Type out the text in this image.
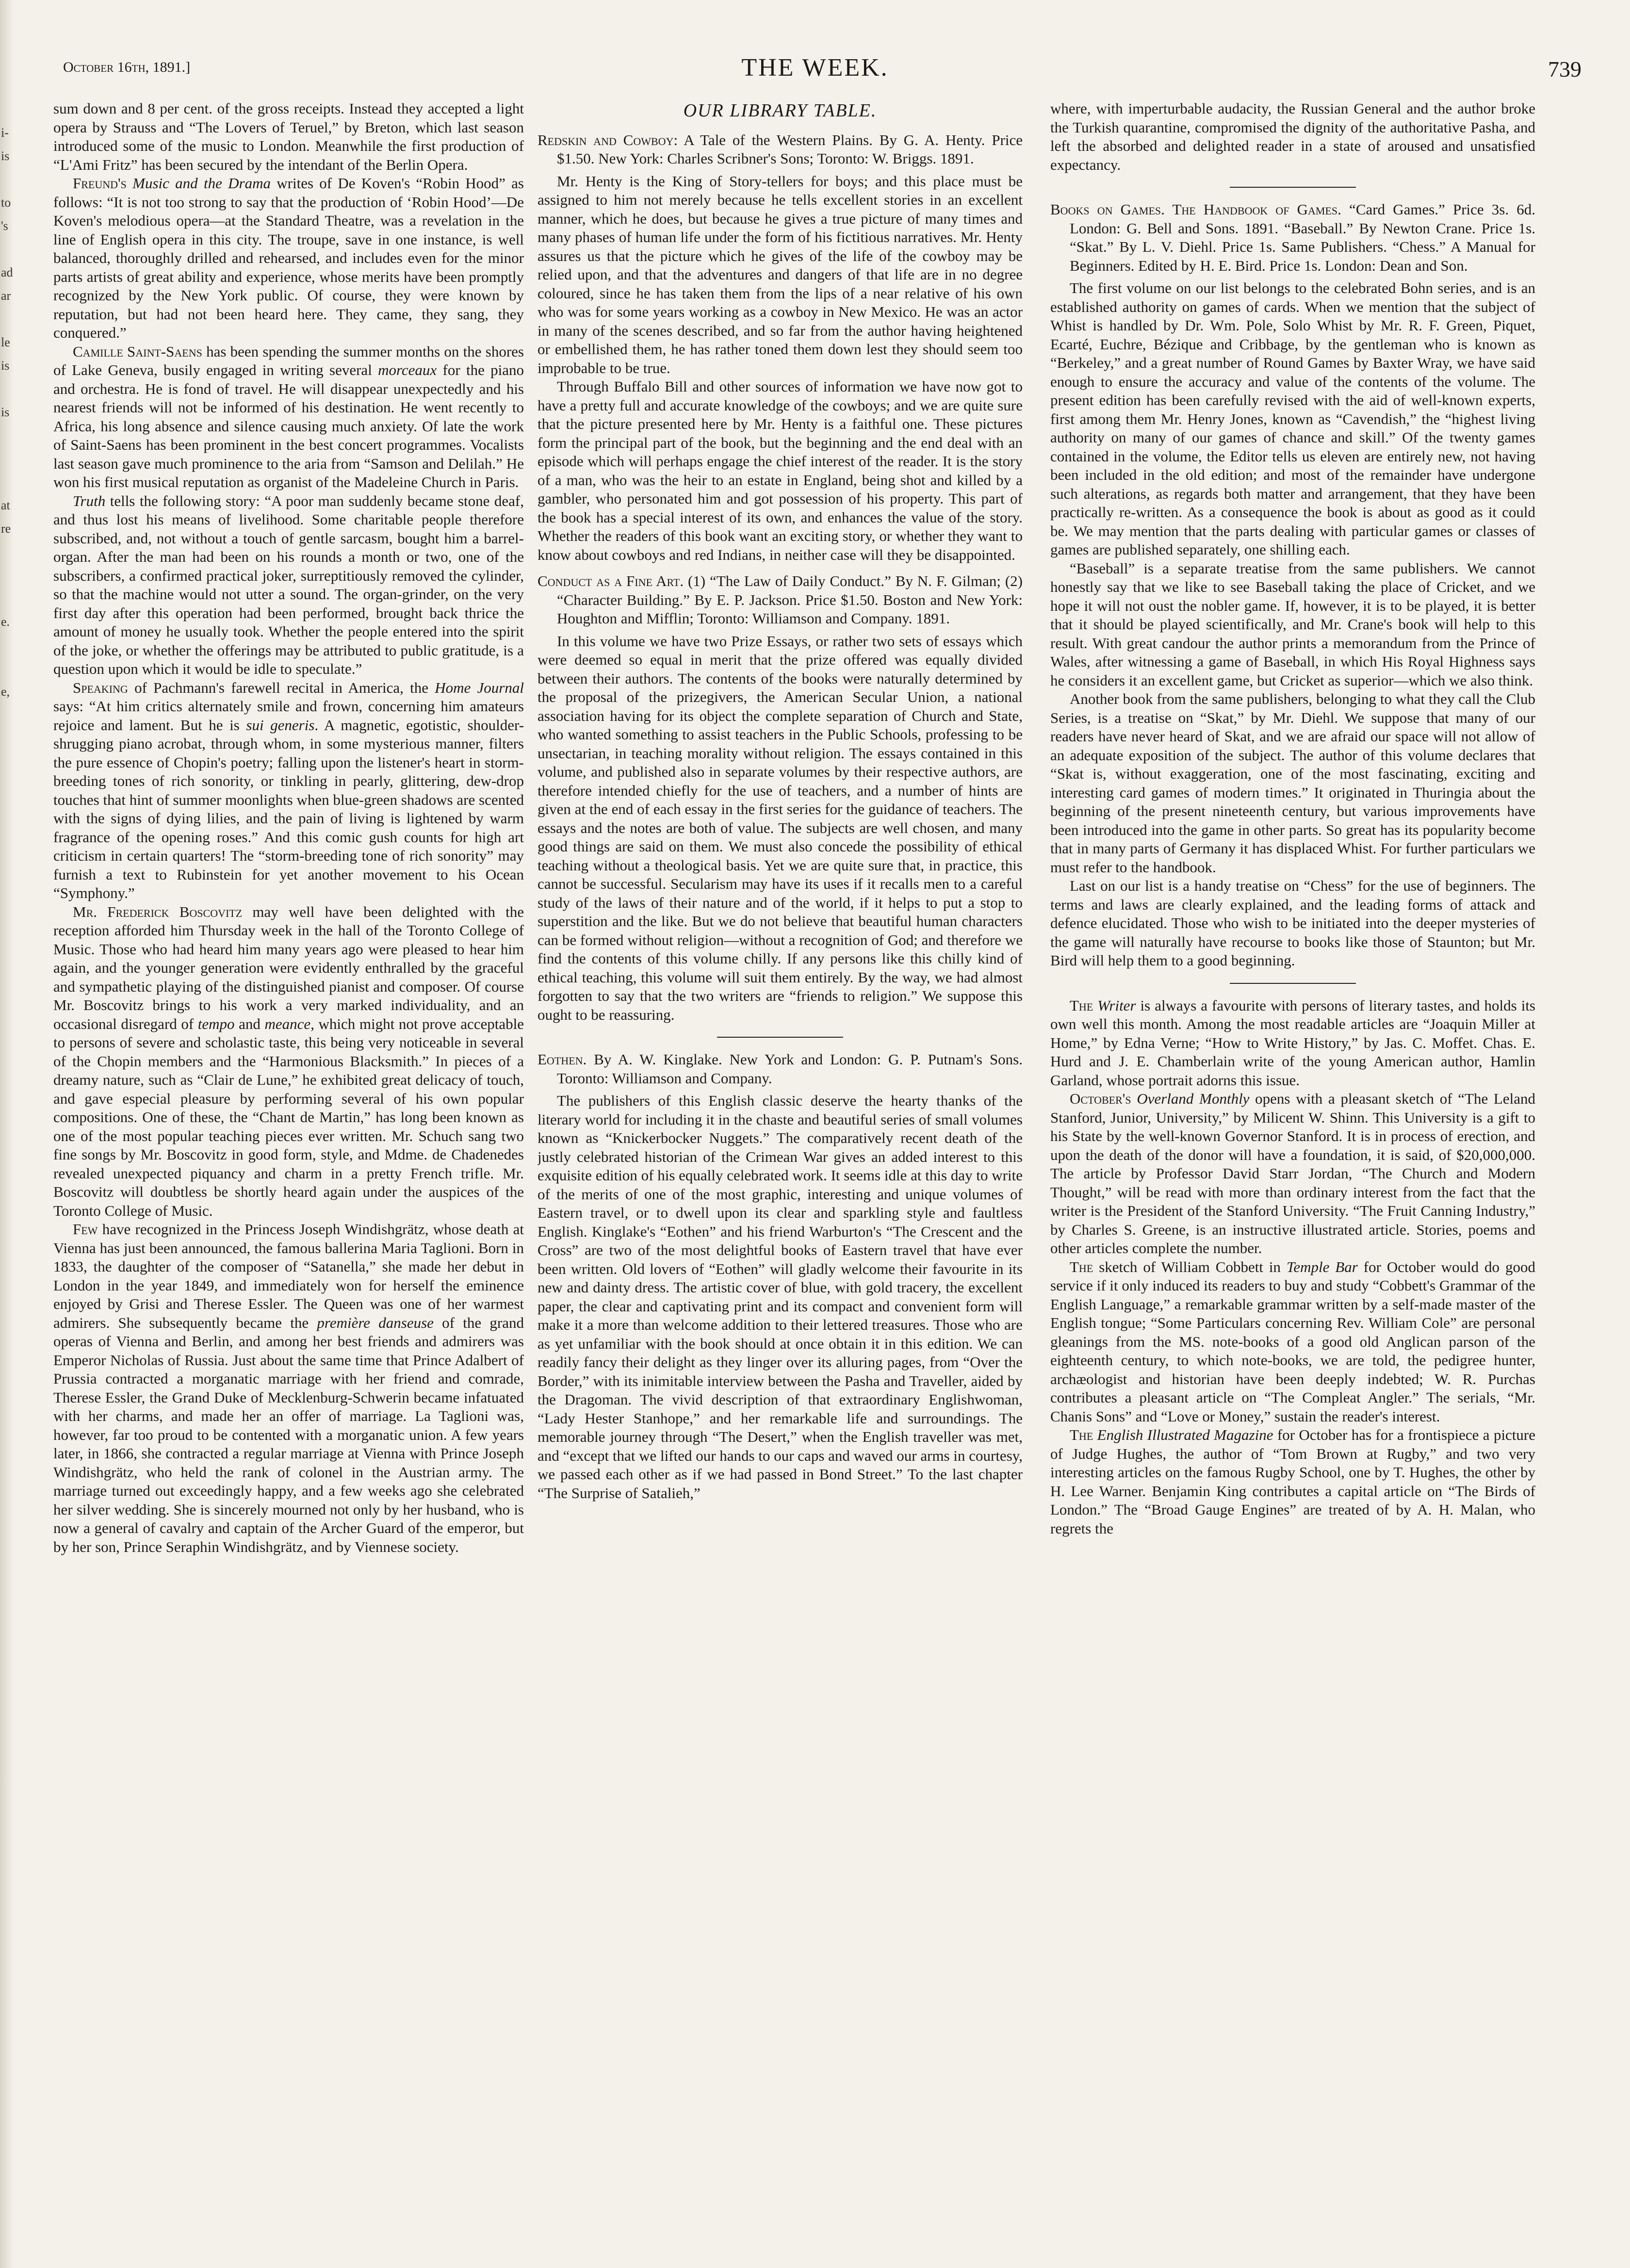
i-
is

to
's

ad
ar

le
is

is

at
re

e.

e,
October 16th, 1891.]	THE WEEK.	739

sum down and 8 per cent. of the gross receipts. Instead they accepted a light opera by Strauss and “The Lovers of Teruel,” by Breton, which last season introduced some of the music to London. Meanwhile the first production of “L'Ami Fritz” has been secured by the intendant of the Berlin Opera.

Freund's Music and the Drama writes of De Koven's “Robin Hood” as follows: “It is not too strong to say that the production of ‘Robin Hood’—De Koven's melodious opera—at the Standard Theatre, was a revelation in the line of English opera in this city. The troupe, save in one instance, is well balanced, thoroughly drilled and rehearsed, and includes even for the minor parts artists of great ability and experience, whose merits have been promptly recognized by the New York public. Of course, they were known by reputation, but had not been heard here. They came, they sang, they conquered.”

Camille Saint-Saens has been spending the summer months on the shores of Lake Geneva, busily engaged in writing several morceaux for the piano and orchestra. He is fond of travel. He will disappear unexpectedly and his nearest friends will not be informed of his destination. He went recently to Africa, his long absence and silence causing much anxiety. Of late the work of Saint-Saens has been prominent in the best concert programmes. Vocalists last season gave much prominence to the aria from “Samson and Delilah.” He won his first musical reputation as organist of the Madeleine Church in Paris.

Truth tells the following story: “A poor man suddenly became stone deaf, and thus lost his means of livelihood. Some charitable people therefore subscribed, and, not without a touch of gentle sarcasm, bought him a barrel-organ. After the man had been on his rounds a month or two, one of the subscribers, a confirmed practical joker, surreptitiously removed the cylinder, so that the machine would not utter a sound. The organ-grinder, on the very first day after this operation had been performed, brought back thrice the amount of money he usually took. Whether the people entered into the spirit of the joke, or whether the offerings may be attributed to public gratitude, is a question upon which it would be idle to speculate.”

Speaking of Pachmann's farewell recital in America, the Home Journal says: “At him critics alternately smile and frown, concerning him amateurs rejoice and lament. But he is sui generis. A magnetic, egotistic, shoulder-shrugging piano acrobat, through whom, in some mysterious manner, filters the pure essence of Chopin's poetry; falling upon the listener's heart in storm-breeding tones of rich sonority, or tinkling in pearly, glittering, dew-drop touches that hint of summer moonlights when blue-green shadows are scented with the signs of dying lilies, and the pain of living is lightened by warm fragrance of the opening roses.” And this comic gush counts for high art criticism in certain quarters! The “storm-breeding tone of rich sonority” may furnish a text to Rubinstein for yet another movement to his Ocean “Symphony.”

Mr. Frederick Boscovitz may well have been delighted with the reception afforded him Thursday week in the hall of the Toronto College of Music. Those who had heard him many years ago were pleased to hear him again, and the younger generation were evidently enthralled by the graceful and sympathetic playing of the distinguished pianist and composer. Of course Mr. Boscovitz brings to his work a very marked individuality, and an occasional disregard of tempo and meance, which might not prove acceptable to persons of severe and scholastic taste, this being very noticeable in several of the Chopin members and the “Harmonious Blacksmith.” In pieces of a dreamy nature, such as “Clair de Lune,” he exhibited great delicacy of touch, and gave especial pleasure by performing several of his own popular compositions. One of these, the “Chant de Martin,” has long been known as one of the most popular teaching pieces ever written. Mr. Schuch sang two fine songs by Mr. Boscovitz in good form, style, and Mdme. de Chadenedes revealed unexpected piquancy and charm in a pretty French trifle. Mr. Boscovitz will doubtless be shortly heard again under the auspices of the Toronto College of Music.

Few have recognized in the Princess Joseph Windishgrätz, whose death at Vienna has just been announced, the famous ballerina Maria Taglioni. Born in 1833, the daughter of the composer of “Satanella,” she made her debut in London in the year 1849, and immediately won for herself the eminence enjoyed by Grisi and Therese Essler. The Queen was one of her warmest admirers. She subsequently became the première danseuse of the grand operas of Vienna and Berlin, and among her best friends and admirers was Emperor Nicholas of Russia. Just about the same time that Prince Adalbert of Prussia contracted a morganatic marriage with her friend and comrade, Therese Essler, the Grand Duke of Mecklenburg-Schwerin became infatuated with her charms, and made her an offer of marriage. La Taglioni was, however, far too proud to be contented with a morganatic union. A few years later, in 1866, she contracted a regular marriage at Vienna with Prince Joseph Windishgrätz, who held the rank of colonel in the Austrian army. The marriage turned out exceedingly happy, and a few weeks ago she celebrated her silver wedding. She is sincerely mourned not only by her husband, who is now a general of cavalry and captain of the Archer Guard of the emperor, but by her son, Prince Seraphin Windishgrätz, and by Viennese society.

OUR LIBRARY TABLE.

Redskin and Cowboy: A Tale of the Western Plains. By G. A. Henty. Price $1.50. New York: Charles Scribner's Sons; Toronto: W. Briggs. 1891.

Mr. Henty is the King of Story-tellers for boys; and this place must be assigned to him not merely because he tells excellent stories in an excellent manner, which he does, but because he gives a true picture of many times and many phases of human life under the form of his fictitious narratives. Mr. Henty assures us that the picture which he gives of the life of the cowboy may be relied upon, and that the adventures and dangers of that life are in no degree coloured, since he has taken them from the lips of a near relative of his own who was for some years working as a cowboy in New Mexico. He was an actor in many of the scenes described, and so far from the author having heightened or embellished them, he has rather toned them down lest they should seem too improbable to be true.

Through Buffalo Bill and other sources of information we have now got to have a pretty full and accurate knowledge of the cowboys; and we are quite sure that the picture presented here by Mr. Henty is a faithful one. These pictures form the principal part of the book, but the beginning and the end deal with an episode which will perhaps engage the chief interest of the reader. It is the story of a man, who was the heir to an estate in England, being shot and killed by a gambler, who personated him and got possession of his property. This part of the book has a special interest of its own, and enhances the value of the story. Whether the readers of this book want an exciting story, or whether they want to know about cowboys and red Indians, in neither case will they be disappointed.

Conduct as a Fine Art. (1) “The Law of Daily Conduct.” By N. F. Gilman; (2) “Character Building.” By E. P. Jackson. Price $1.50. Boston and New York: Houghton and Mifflin; Toronto: Williamson and Company. 1891.

In this volume we have two Prize Essays, or rather two sets of essays which were deemed so equal in merit that the prize offered was equally divided between their authors. The contents of the books were naturally determined by the proposal of the prizegivers, the American Secular Union, a national association having for its object the complete separation of Church and State, who wanted something to assist teachers in the Public Schools, professing to be unsectarian, in teaching morality without religion. The essays contained in this volume, and published also in separate volumes by their respective authors, are therefore intended chiefly for the use of teachers, and a number of hints are given at the end of each essay in the first series for the guidance of teachers. The essays and the notes are both of value. The subjects are well chosen, and many good things are said on them. We must also concede the possibility of ethical teaching without a theological basis. Yet we are quite sure that, in practice, this cannot be successful. Secularism may have its uses if it recalls men to a careful study of the laws of their nature and of the world, if it helps to put a stop to superstition and the like. But we do not believe that beautiful human characters can be formed without religion—without a recognition of God; and therefore we find the contents of this volume chilly. If any persons like this chilly kind of ethical teaching, this volume will suit them entirely. By the way, we had almost forgotten to say that the two writers are “friends to religion.” We suppose this ought to be reassuring.

Eothen. By A. W. Kinglake. New York and London: G. P. Putnam's Sons. Toronto: Williamson and Company.

The publishers of this English classic deserve the hearty thanks of the literary world for including it in the chaste and beautiful series of small volumes known as “Knickerbocker Nuggets.” The comparatively recent death of the justly celebrated historian of the Crimean War gives an added interest to this exquisite edition of his equally celebrated work. It seems idle at this day to write of the merits of one of the most graphic, interesting and unique volumes of Eastern travel, or to dwell upon its clear and sparkling style and faultless English. Kinglake's “Eothen” and his friend Warburton's “The Crescent and the Cross” are two of the most delightful books of Eastern travel that have ever been written. Old lovers of “Eothen” will gladly welcome their favourite in its new and dainty dress. The artistic cover of blue, with gold tracery, the excellent paper, the clear and captivating print and its compact and convenient form will make it a more than welcome addition to their lettered treasures. Those who are as yet unfamiliar with the book should at once obtain it in this edition. We can readily fancy their delight as they linger over its alluring pages, from “Over the Border,” with its inimitable interview between the Pasha and Traveller, aided by the Dragoman. The vivid description of that extraordinary Englishwoman, “Lady Hester Stanhope,” and her remarkable life and surroundings. The memorable journey through “The Desert,” when the English traveller was met, and “except that we lifted our hands to our caps and waved our arms in courtesy, we passed each other as if we had passed in Bond Street.” To the last chapter “The Surprise of Satalieh,”

where, with imperturbable audacity, the Russian General and the author broke the Turkish quarantine, compromised the dignity of the authoritative Pasha, and left the absorbed and delighted reader in a state of aroused and unsatisfied expectancy.

Books on Games. The Handbook of Games. “Card Games.” Price 3s. 6d. London: G. Bell and Sons. 1891. “Baseball.” By Newton Crane. Price 1s. “Skat.” By L. V. Diehl. Price 1s. Same Publishers. “Chess.” A Manual for Beginners. Edited by H. E. Bird. Price 1s. London: Dean and Son.

The first volume on our list belongs to the celebrated Bohn series, and is an established authority on games of cards. When we mention that the subject of Whist is handled by Dr. Wm. Pole, Solo Whist by Mr. R. F. Green, Piquet, Ecarté, Euchre, Bézique and Cribbage, by the gentleman who is known as “Berkeley,” and a great number of Round Games by Baxter Wray, we have said enough to ensure the accuracy and value of the contents of the volume. The present edition has been carefully revised with the aid of well-known experts, first among them Mr. Henry Jones, known as “Cavendish,” the “highest living authority on many of our games of chance and skill.” Of the twenty games contained in the volume, the Editor tells us eleven are entirely new, not having been included in the old edition; and most of the remainder have undergone such alterations, as regards both matter and arrangement, that they have been practically re-written. As a consequence the book is about as good as it could be. We may mention that the parts dealing with particular games or classes of games are published separately, one shilling each.

“Baseball” is a separate treatise from the same publishers. We cannot honestly say that we like to see Baseball taking the place of Cricket, and we hope it will not oust the nobler game. If, however, it is to be played, it is better that it should be played scientifically, and Mr. Crane's book will help to this result. With great candour the author prints a memorandum from the Prince of Wales, after witnessing a game of Baseball, in which His Royal Highness says he considers it an excellent game, but Cricket as superior—which we also think.

Another book from the same publishers, belonging to what they call the Club Series, is a treatise on “Skat,” by Mr. Diehl. We suppose that many of our readers have never heard of Skat, and we are afraid our space will not allow of an adequate exposition of the subject. The author of this volume declares that “Skat is, without exaggeration, one of the most fascinating, exciting and interesting card games of modern times.” It originated in Thuringia about the beginning of the present nineteenth century, but various improvements have been introduced into the game in other parts. So great has its popularity become that in many parts of Germany it has displaced Whist. For further particulars we must refer to the handbook.

Last on our list is a handy treatise on “Chess” for the use of beginners. The terms and laws are clearly explained, and the leading forms of attack and defence elucidated. Those who wish to be initiated into the deeper mysteries of the game will naturally have recourse to books like those of Staunton; but Mr. Bird will help them to a good beginning.

The Writer is always a favourite with persons of literary tastes, and holds its own well this month. Among the most readable articles are “Joaquin Miller at Home,” by Edna Verne; “How to Write History,” by Jas. C. Moffet. Chas. E. Hurd and J. E. Chamberlain write of the young American author, Hamlin Garland, whose portrait adorns this issue.

October's Overland Monthly opens with a pleasant sketch of “The Leland Stanford, Junior, University,” by Milicent W. Shinn. This University is a gift to his State by the well-known Governor Stanford. It is in process of erection, and upon the death of the donor will have a foundation, it is said, of $20,000,000. The article by Professor David Starr Jordan, “The Church and Modern Thought,” will be read with more than ordinary interest from the fact that the writer is the President of the Stanford University. “The Fruit Canning Industry,” by Charles S. Greene, is an instructive illustrated article. Stories, poems and other articles complete the number.

The sketch of William Cobbett in Temple Bar for October would do good service if it only induced its readers to buy and study “Cobbett's Grammar of the English Language,” a remarkable grammar written by a self-made master of the English tongue; “Some Particulars concerning Rev. William Cole” are personal gleanings from the MS. note-books of a good old Anglican parson of the eighteenth century, to which note-books, we are told, the pedigree hunter, archæologist and historian have been deeply indebted; W. R. Purchas contributes a pleasant article on “The Compleat Angler.” The serials, “Mr. Chanis Sons” and “Love or Money,” sustain the reader's interest.

The English Illustrated Magazine for October has for a frontispiece a picture of Judge Hughes, the author of “Tom Brown at Rugby,” and two very interesting articles on the famous Rugby School, one by T. Hughes, the other by H. Lee Warner. Benjamin King contributes a capital article on “The Birds of London.” The “Broad Gauge Engines” are treated of by A. H. Malan, who regrets the
